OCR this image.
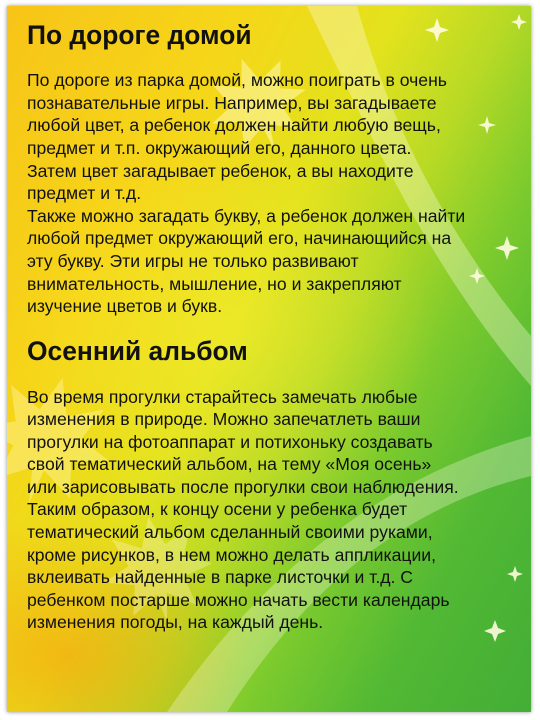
По дороге домой

По дороге из парка домой, можно поиграть в очень
познавательные игры. Например, вы загадываете
любой цвет, а ребенок должен найти любую вещь,
предмет и т.п. окружающий его, данного цвета.
Затем цвет загадывает ребенок, а вы находите
предмет и т.д.

Также можно загадать букву, а ребенок должен найти
любой предмет окружающий его, начинающийся на
эту букву. Эти игры не только развивают
внимательность, мышление, но и закрепляют
изучение цветов и букв.

Осенний альбом

Во время прогулки старайтесь замечать любые
изменения в природе. Можно запечатлеть ваши
прогулки на фотоаппарат и потихоньку создавать
свой тематический альбом, на тему «Моя осень»
или зарисовывать после прогулки свои наблюдения.
Таким образом, к концу осени у ребенка будет
тематический альбом сделанный своими руками,
кроме рисунков, в нем можно делать аппликации,
вклеивать найденные в парке листочки и т.д. С
ребенком постарше можно начать вести календарь
изменения погоды, на каждый день.
